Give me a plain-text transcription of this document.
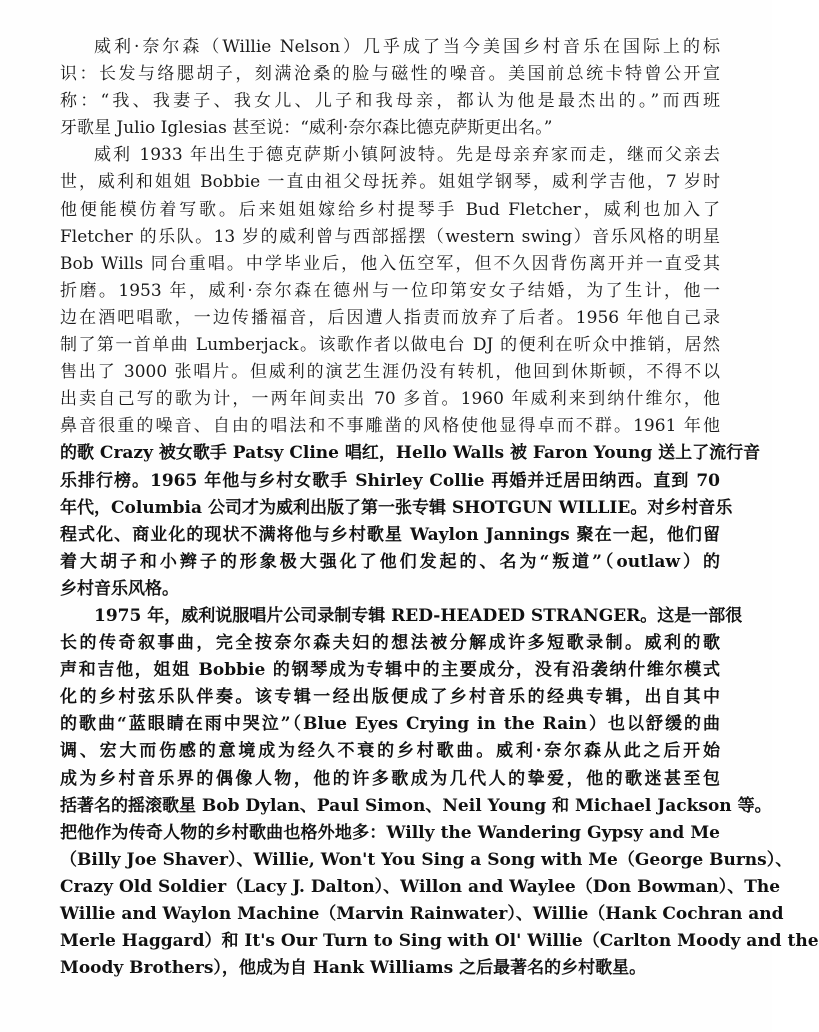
威利·奈尔森（Willie Nelson）几乎成了当今美国乡村音乐在国际上的标
识：长发与络腮胡子，刻满沧桑的脸与磁性的噪音。美国前总统卡特曾公开宣
称：“我、我妻子、我女儿、儿子和我母亲，都认为他是最杰出的。”而西班
牙歌星 Julio Iglesias 甚至说：“威利·奈尔森比德克萨斯更出名。”
威利 1933 年出生于德克萨斯小镇阿波特。先是母亲弃家而走，继而父亲去
世，威利和姐姐 Bobbie 一直由祖父母抚养。姐姐学钢琴，威利学吉他，7 岁时
他便能模仿着写歌。后来姐姐嫁给乡村提琴手 Bud Fletcher，威利也加入了
Fletcher 的乐队。13 岁的威利曾与西部摇摆（western swing）音乐风格的明星
Bob Wills 同台重唱。中学毕业后，他入伍空军，但不久因背伤离开并一直受其
折磨。1953 年，威利·奈尔森在德州与一位印第安女子结婚，为了生计，他一
边在酒吧唱歌，一边传播福音，后因遭人指责而放弃了后者。1956 年他自己录
制了第一首单曲 Lumberjack。该歌作者以做电台 DJ 的便利在听众中推销，居然
售出了 3000 张唱片。但威利的演艺生涯仍没有转机，他回到休斯顿，不得不以
出卖自己写的歌为计，一两年间卖出 70 多首。1960 年威利来到纳什维尔，他
鼻音很重的噪音、自由的唱法和不事雕凿的风格使他显得卓而不群。1961 年他
的歌 Crazy 被女歌手 Patsy Cline 唱红，Hello Walls 被 Faron Young 送上了流行音
乐排行榜。1965 年他与乡村女歌手 Shirley Collie 再婚并迁居田纳西。直到 70
年代，Columbia 公司才为威利出版了第一张专辑 SHOTGUN WILLIE。对乡村音乐
程式化、商业化的现状不满将他与乡村歌星 Waylon Jannings 聚在一起，他们留
着大胡子和小辫子的形象极大强化了他们发起的、名为“叛道”（outlaw）的
乡村音乐风格。
1975 年，威利说服唱片公司录制专辑 RED-HEADED STRANGER。这是一部很
长的传奇叙事曲，完全按奈尔森夫妇的想法被分解成许多短歌录制。威利的歌
声和吉他，姐姐 Bobbie 的钢琴成为专辑中的主要成分，没有沿袭纳什维尔模式
化的乡村弦乐队伴奏。该专辑一经出版便成了乡村音乐的经典专辑，出自其中
的歌曲“蓝眼睛在雨中哭泣”（Blue Eyes Crying in the Rain）也以舒缓的曲
调、宏大而伤感的意境成为经久不衰的乡村歌曲。威利·奈尔森从此之后开始
成为乡村音乐界的偶像人物，他的许多歌成为几代人的挚爱，他的歌迷甚至包
括著名的摇滚歌星 Bob Dylan、Paul Simon、Neil Young 和 Michael Jackson 等。
把他作为传奇人物的乡村歌曲也格外地多：Willy the Wandering Gypsy and Me
（Billy Joe Shaver）、Willie, Won't You Sing a Song with Me（George Burns）、
Crazy Old Soldier（Lacy J. Dalton）、Willon and Waylee（Don Bowman）、The
Willie and Waylon Machine（Marvin Rainwater）、Willie（Hank Cochran and
Merle Haggard）和 It's Our Turn to Sing with Ol' Willie（Carlton Moody and the
Moody Brothers），他成为自 Hank Williams 之后最著名的乡村歌星。
